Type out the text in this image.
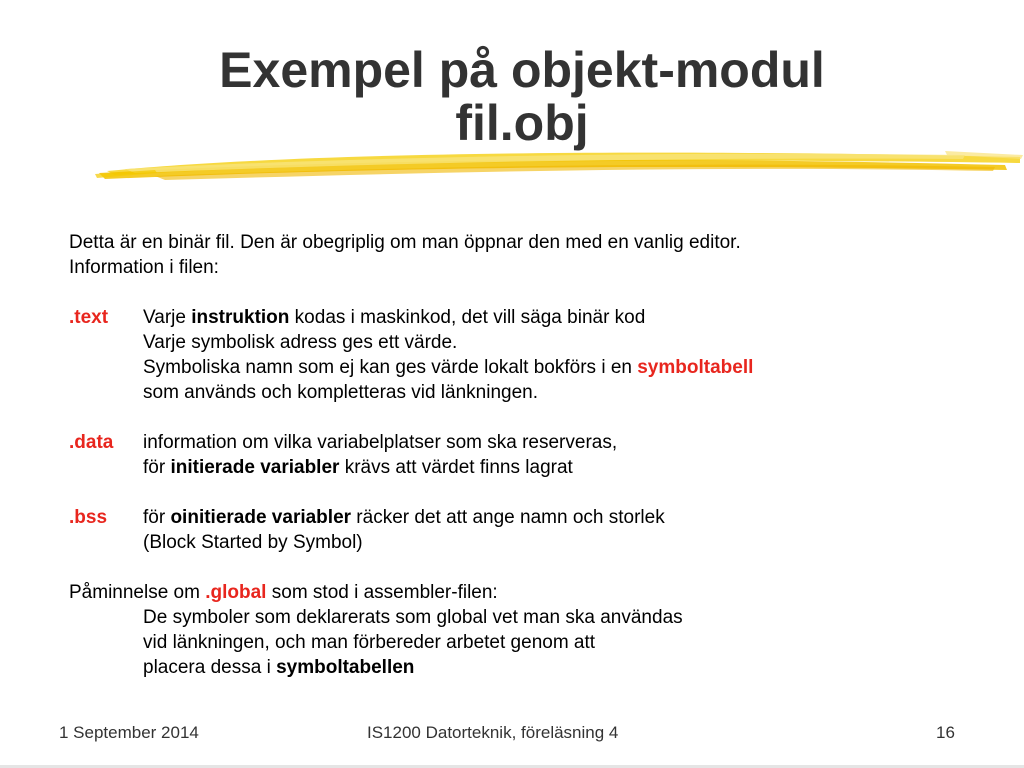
Exempel på objekt-modul
fil.obj
Detta är en binär fil. Den är obegriplig om man öppnar den med en vanlig editor.
Information i filen:
.text Varje instruktion kodas i maskinkod, det vill säga binär kod
Varje symbolisk adress ges ett värde.
Symboliska namn som ej kan ges värde lokalt bokförs i en symboltabell
som används och kompletteras vid länkningen.
.data information om vilka variabelplatser som ska reserveras,
för initierade variabler krävs att värdet finns lagrat
.bss för oinitierade variabler räcker det att ange namn och storlek
(Block Started by Symbol)
Påminnelse om .global som stod i assembler-filen:
De symboler som deklarerats som global vet man ska användas
vid länkningen, och man förbereder arbetet genom att
placera dessa i symboltabellen
1 September 2014	IS1200 Datorteknik, föreläsning 4	16
